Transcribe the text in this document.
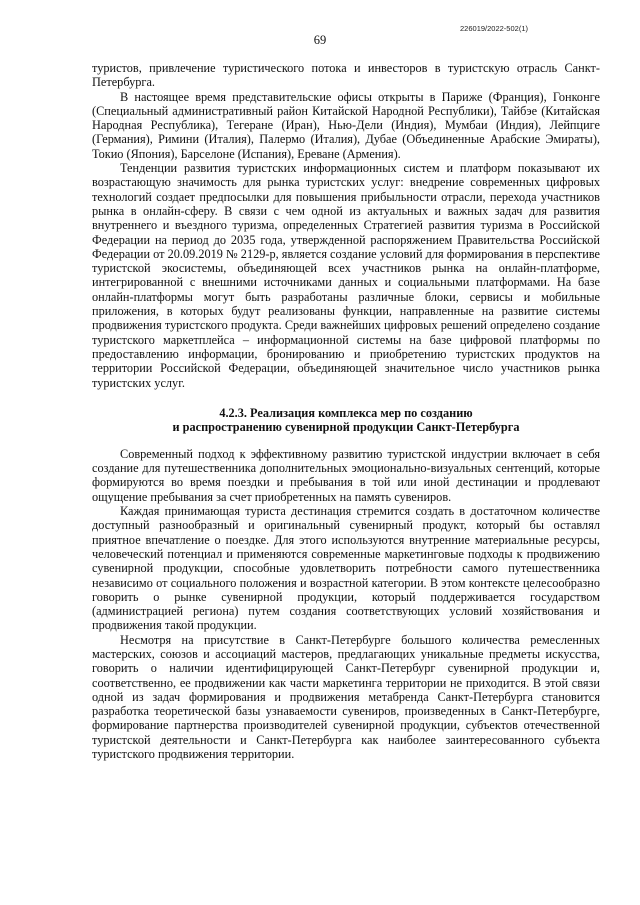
226019/2022-502(1)
69

туристов, привлечение туристического потока и инвесторов в туристскую отрасль Санкт-Петербурга.

В настоящее время представительские офисы открыты в Париже (Франция), Гонконге (Специальный административный район Китайской Народной Республики), Тайбэе (Китайская Народная Республика), Тегеране (Иран), Нью-Дели (Индия), Мумбаи (Индия), Лейпциге (Германия), Римини (Италия), Палермо (Италия), Дубае (Объединенные Арабские Эмираты), Токио (Япония), Барселоне (Испания), Ереване (Армения).

Тенденции развития туристских информационных систем и платформ показывают их возрастающую значимость для рынка туристских услуг: внедрение современных цифровых технологий создает предпосылки для повышения прибыльности отрасли, перехода участников рынка в онлайн-сферу. В связи с чем одной из актуальных и важных задач для развития внутреннего и въездного туризма, определенных Стратегией развития туризма в Российской Федерации на период до 2035 года, утвержденной распоряжением Правительства Российской Федерации от 20.09.2019 № 2129-р, является создание условий для формирования в перспективе туристской экосистемы, объединяющей всех участников рынка на онлайн-платформе, интегрированной с внешними источниками данных и социальными платформами. На базе онлайн-платформы могут быть разработаны различные блоки, сервисы и мобильные приложения, в которых будут реализованы функции, направленные на развитие системы продвижения туристского продукта. Среди важнейших цифровых решений определено создание туристского маркетплейса – информационной системы на базе цифровой платформы по предоставлению информации, бронированию и приобретению туристских продуктов на территории Российской Федерации, объединяющей значительное число участников рынка туристских услуг.

4.2.3. Реализация комплекса мер по созданию
и распространению сувенирной продукции Санкт-Петербурга

Современный подход к эффективному развитию туристской индустрии включает в себя создание для путешественника дополнительных эмоционально-визуальных сентенций, которые формируются во время поездки и пребывания в той или иной дестинации и продлевают ощущение пребывания за счет приобретенных на память сувениров.

Каждая принимающая туриста дестинация стремится создать в достаточном количестве доступный разнообразный и оригинальный сувенирный продукт, который бы оставлял приятное впечатление о поездке. Для этого используются внутренние материальные ресурсы, человеческий потенциал и применяются современные маркетинговые подходы к продвижению сувенирной продукции, способные удовлетворить потребности самого путешественника независимо от социального положения и возрастной категории. В этом контексте целесообразно говорить о рынке сувенирной продукции, который поддерживается государством (администрацией региона) путем создания соответствующих условий хозяйствования и продвижения такой продукции.

Несмотря на присутствие в Санкт-Петербурге большого количества ремесленных мастерских, союзов и ассоциаций мастеров, предлагающих уникальные предметы искусства, говорить о наличии идентифицирующей Санкт-Петербург сувенирной продукции и, соответственно, ее продвижении как части маркетинга территории не приходится. В этой связи одной из задач формирования и продвижения метабренда Санкт-Петербурга становится разработка теоретической базы узнаваемости сувениров, произведенных в Санкт-Петербурге, формирование партнерства производителей сувенирной продукции, субъектов отечественной туристской деятельности и Санкт-Петербурга как наиболее заинтересованного субъекта туристского продвижения территории.
